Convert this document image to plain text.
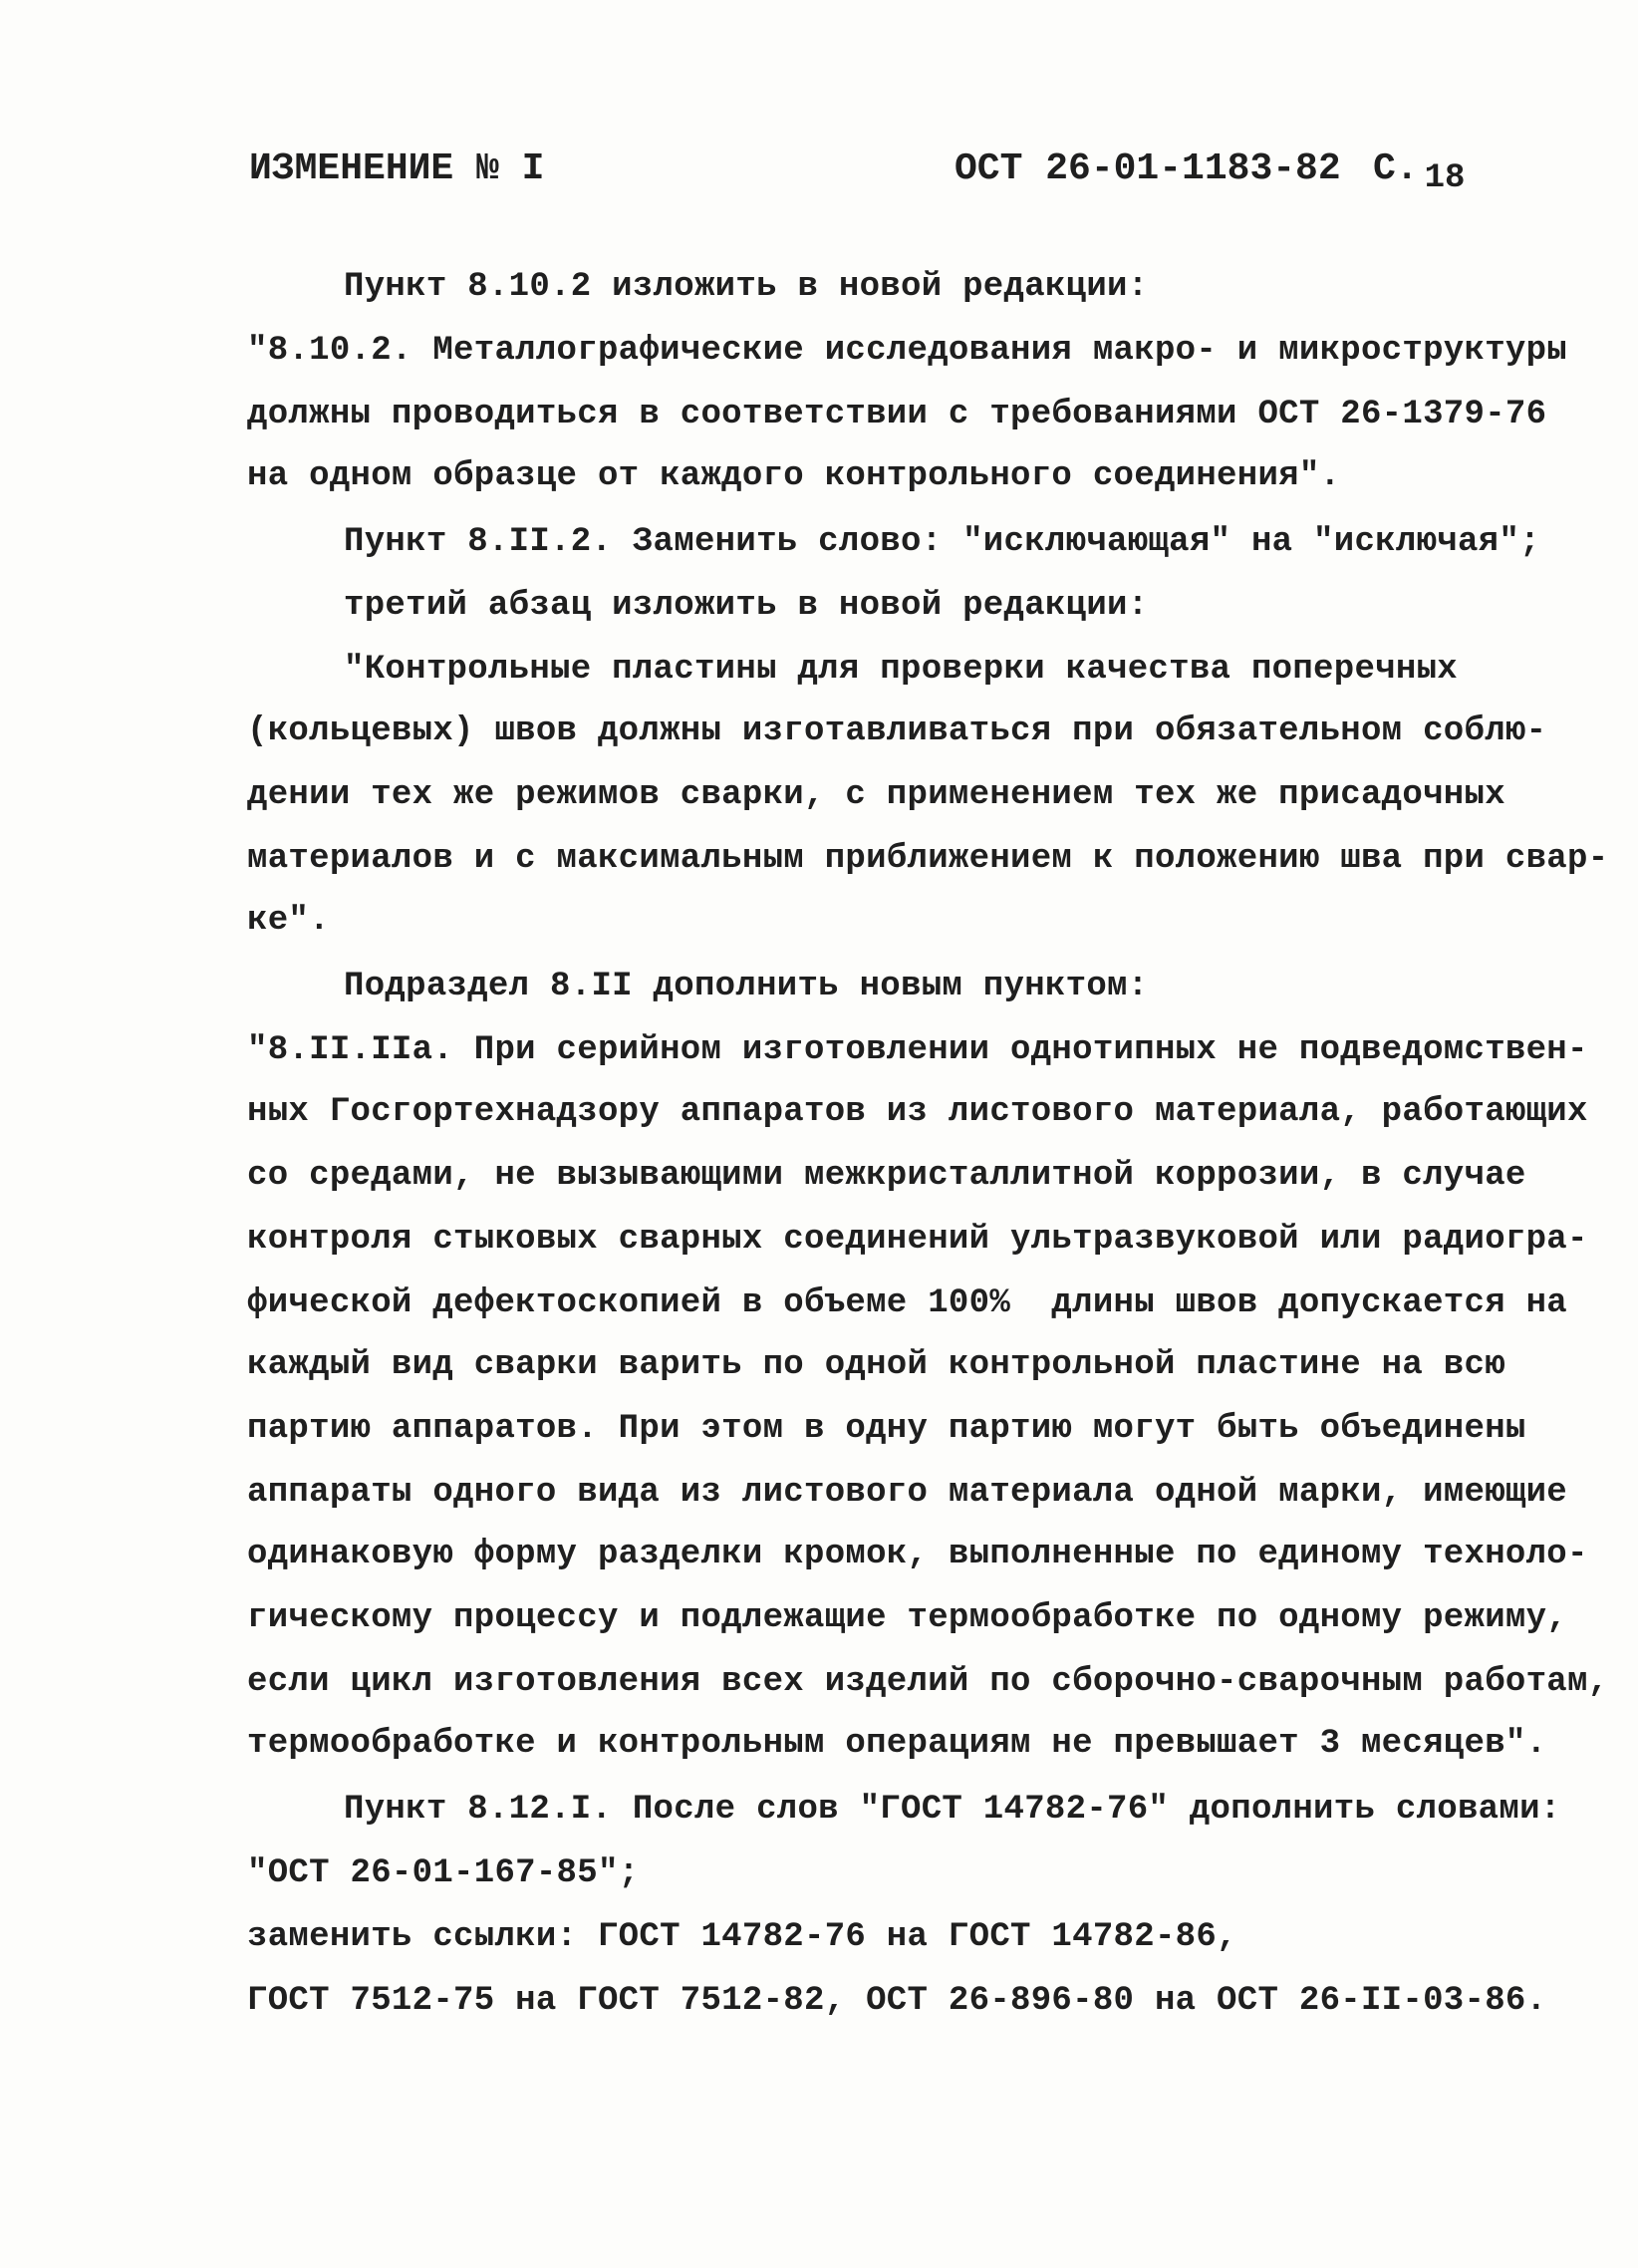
ИЗМЕНЕНИЕ № I	ОСТ 26-01-1183-82 С. 18
Пункт 8.10.2 изложить в новой редакции:
"8.10.2. Металлографические исследования макро- и микроструктуры
должны проводиться в соответствии с требованиями ОСТ 26-1379-76
на одном образце от каждого контрольного соединения".
Пункт 8.II.2. Заменить слово: "исключающая" на "исключая";
третий абзац изложить в новой редакции:
"Контрольные пластины для проверки качества поперечных
(кольцевых) швов должны изготавливаться при обязательном соблю-
дении тех же режимов сварки, с применением тех же присадочных
материалов и с максимальным приближением к положению шва при свар-
ке".
Подраздел 8.II дополнить новым пунктом:
"8.II.IIа. При серийном изготовлении однотипных не подведомствен-
ных Госгортехнадзору аппаратов из листового материала, работающих
со средами, не вызывающими межкристаллитной коррозии, в случае
контроля стыковых сварных соединений ультразвуковой или радиогра-
фической дефектоскопией в объеме 100%  длины швов допускается на
каждый вид сварки варить по одной контрольной пластине на всю
партию аппаратов. При этом в одну партию могут быть объединены
аппараты одного вида из листового материала одной марки, имеющие
одинаковую форму разделки кромок, выполненные по единому техноло-
гическому процессу и подлежащие термообработке по одному режиму,
если цикл изготовления всех изделий по сборочно-сварочным работам,
термообработке и контрольным операциям не превышает 3 месяцев".
Пункт 8.12.I. После слов "ГОСТ 14782-76" дополнить словами:
"ОСТ 26-01-167-85";
заменить ссылки: ГОСТ 14782-76 на ГОСТ 14782-86,
ГОСТ 7512-75 на ГОСТ 7512-82, ОСТ 26-896-80 на ОСТ 26-II-03-86.
